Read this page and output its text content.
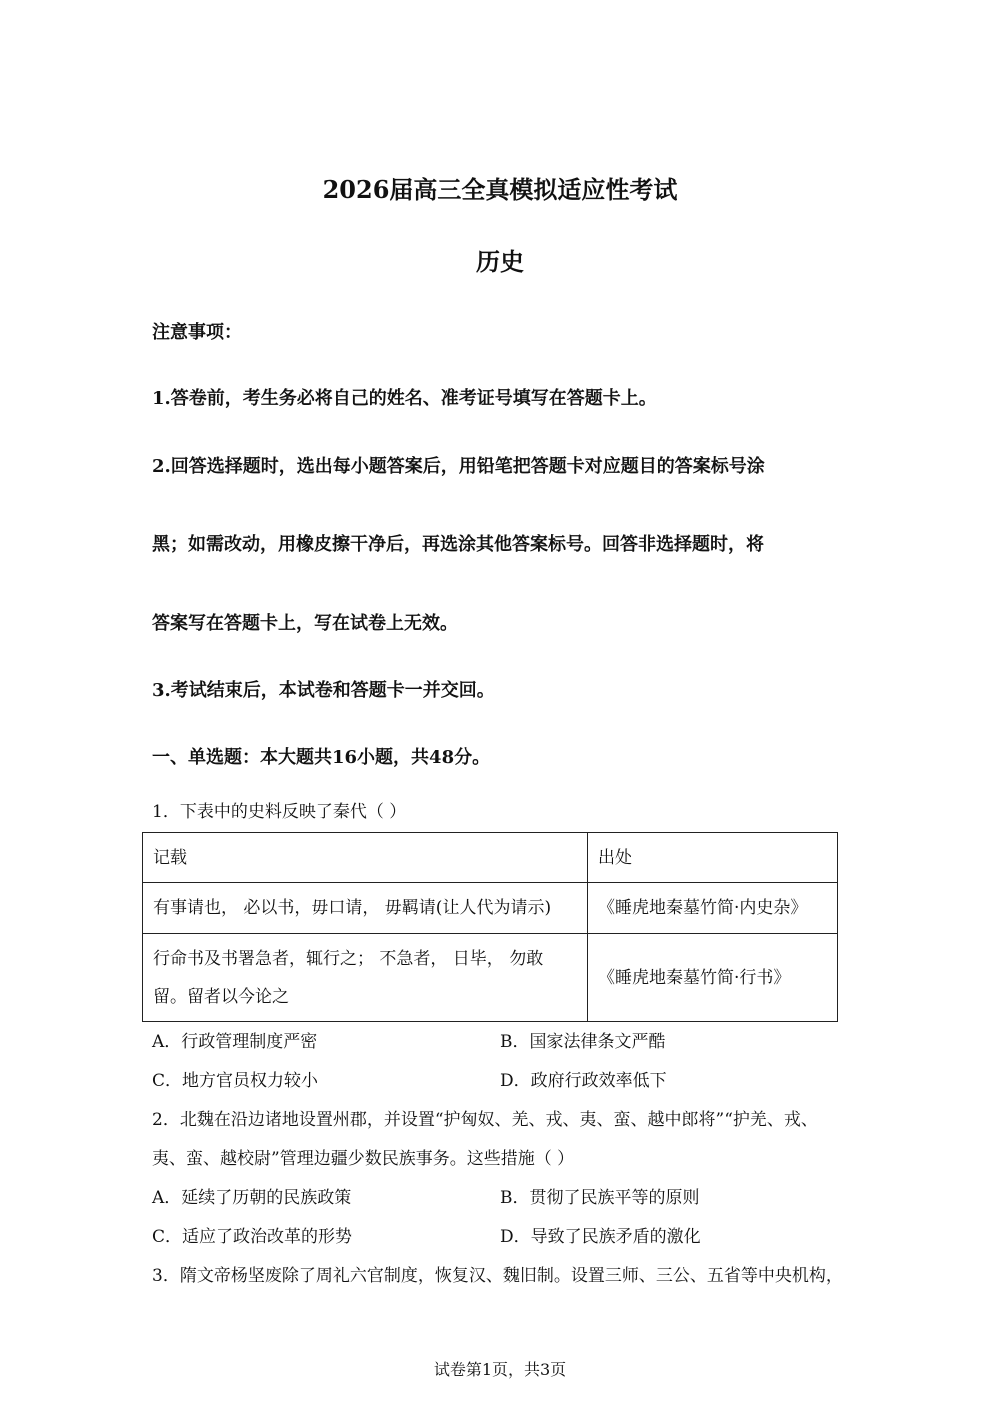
2026届高三全真模拟适应性考试
历史
注意事项：
1.答卷前，考生务必将自己的姓名、准考证号填写在答题卡上。
2.回答选择题时，选出每小题答案后，用铅笔把答题卡对应题目的答案标号涂
黑；如需改动，用橡皮擦干净后，再选涂其他答案标号。回答非选择题时，将
答案写在答题卡上，写在试卷上无效。
3.考试结束后，本试卷和答题卡一并交回。
一、单选题：本大题共16小题，共48分。
1．下表中的史料反映了秦代（ ）
记载	出处
有事请也， 必以书，毋口请， 毋羁请(让人代为请示)	《睡虎地秦墓竹简·内史杂》

行命书及书署急者，辄行之； 不急者， 日毕， 勿敢
留。留者以今论之	《睡虎地秦墓竹简·行书》
A．行政管理制度严密	B．国家法律条文严酷
C．地方官员权力较小	D．政府行政效率低下
2．北魏在沿边诸地设置州郡，并设置“护匈奴、羌、戎、夷、蛮、越中郎将”“护羌、戎、
夷、蛮、越校尉”管理边疆少数民族事务。这些措施（ ）
A．延续了历朝的民族政策	B．贯彻了民族平等的原则
C．适应了政治改革的形势	D．导致了民族矛盾的激化
3．隋文帝杨坚废除了周礼六官制度，恢复汉、魏旧制。设置三师、三公、五省等中央机构，
试卷第1页，共3页
